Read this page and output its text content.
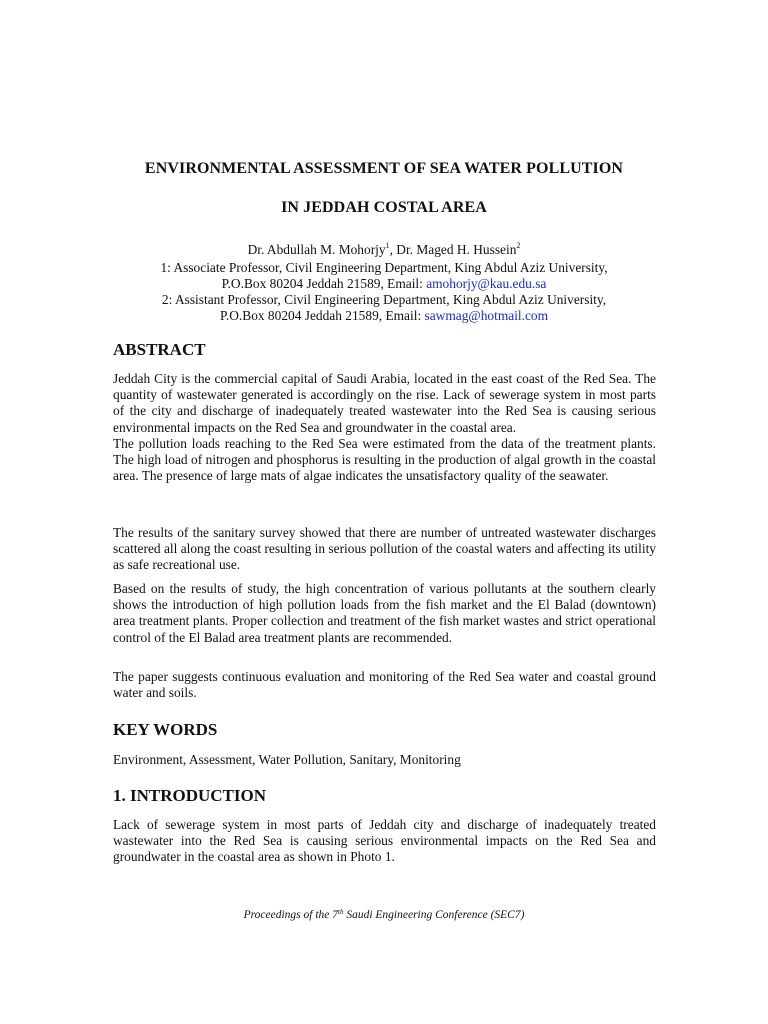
ENVIRONMENTAL ASSESSMENT OF SEA WATER POLLUTION
IN JEDDAH COSTAL AREA
Dr. Abdullah M. Mohorjy$^1$, Dr. Maged H. Hussein$^2$
1: Associate Professor, Civil Engineering Department, King Abdul Aziz University,
P.O.Box 80204 Jeddah 21589, Email: amohorjy@kau.edu.sa
2: Assistant Professor, Civil Engineering Department, King Abdul Aziz University,
P.O.Box 80204 Jeddah 21589, Email: sawmag@hotmail.com
ABSTRACT

Jeddah City is the commercial capital of Saudi Arabia, located in the east coast of the Red Sea. The quantity of wastewater generated is accordingly on the rise. Lack of sewerage system in most parts of the city and discharge of inadequately treated wastewater into the Red Sea is causing serious environmental impacts on the Red Sea and groundwater in the coastal area.

The pollution loads reaching to the Red Sea were estimated from the data of the treatment plants. The high load of nitrogen and phosphorus is resulting in the production of algal growth in the coastal area. The presence of large mats of algae indicates the unsatisfactory quality of the seawater.

The results of the sanitary survey showed that there are number of untreated wastewater discharges scattered all along the coast resulting in serious pollution of the coastal waters and affecting its utility as safe recreational use.
Based on the results of study, the high concentration of various pollutants at the southern clearly shows the introduction of high pollution loads from the fish market and the El Balad (downtown) area treatment plants. Proper collection and treatment of the fish market wastes and strict operational control of the El Balad area treatment plants are recommended.
The paper suggests continuous evaluation and monitoring of the Red Sea water and coastal ground water and soils.
KEY WORDS
Environment, Assessment, Water Pollution, Sanitary, Monitoring
1. INTRODUCTION
Lack of sewerage system in most parts of Jeddah city and discharge of inadequately treated wastewater into the Red Sea is causing serious environmental impacts on the Red Sea and groundwater in the coastal area as shown in Photo 1.
Proceedings of the 7th Saudi Engineering Conference (SEC7)
